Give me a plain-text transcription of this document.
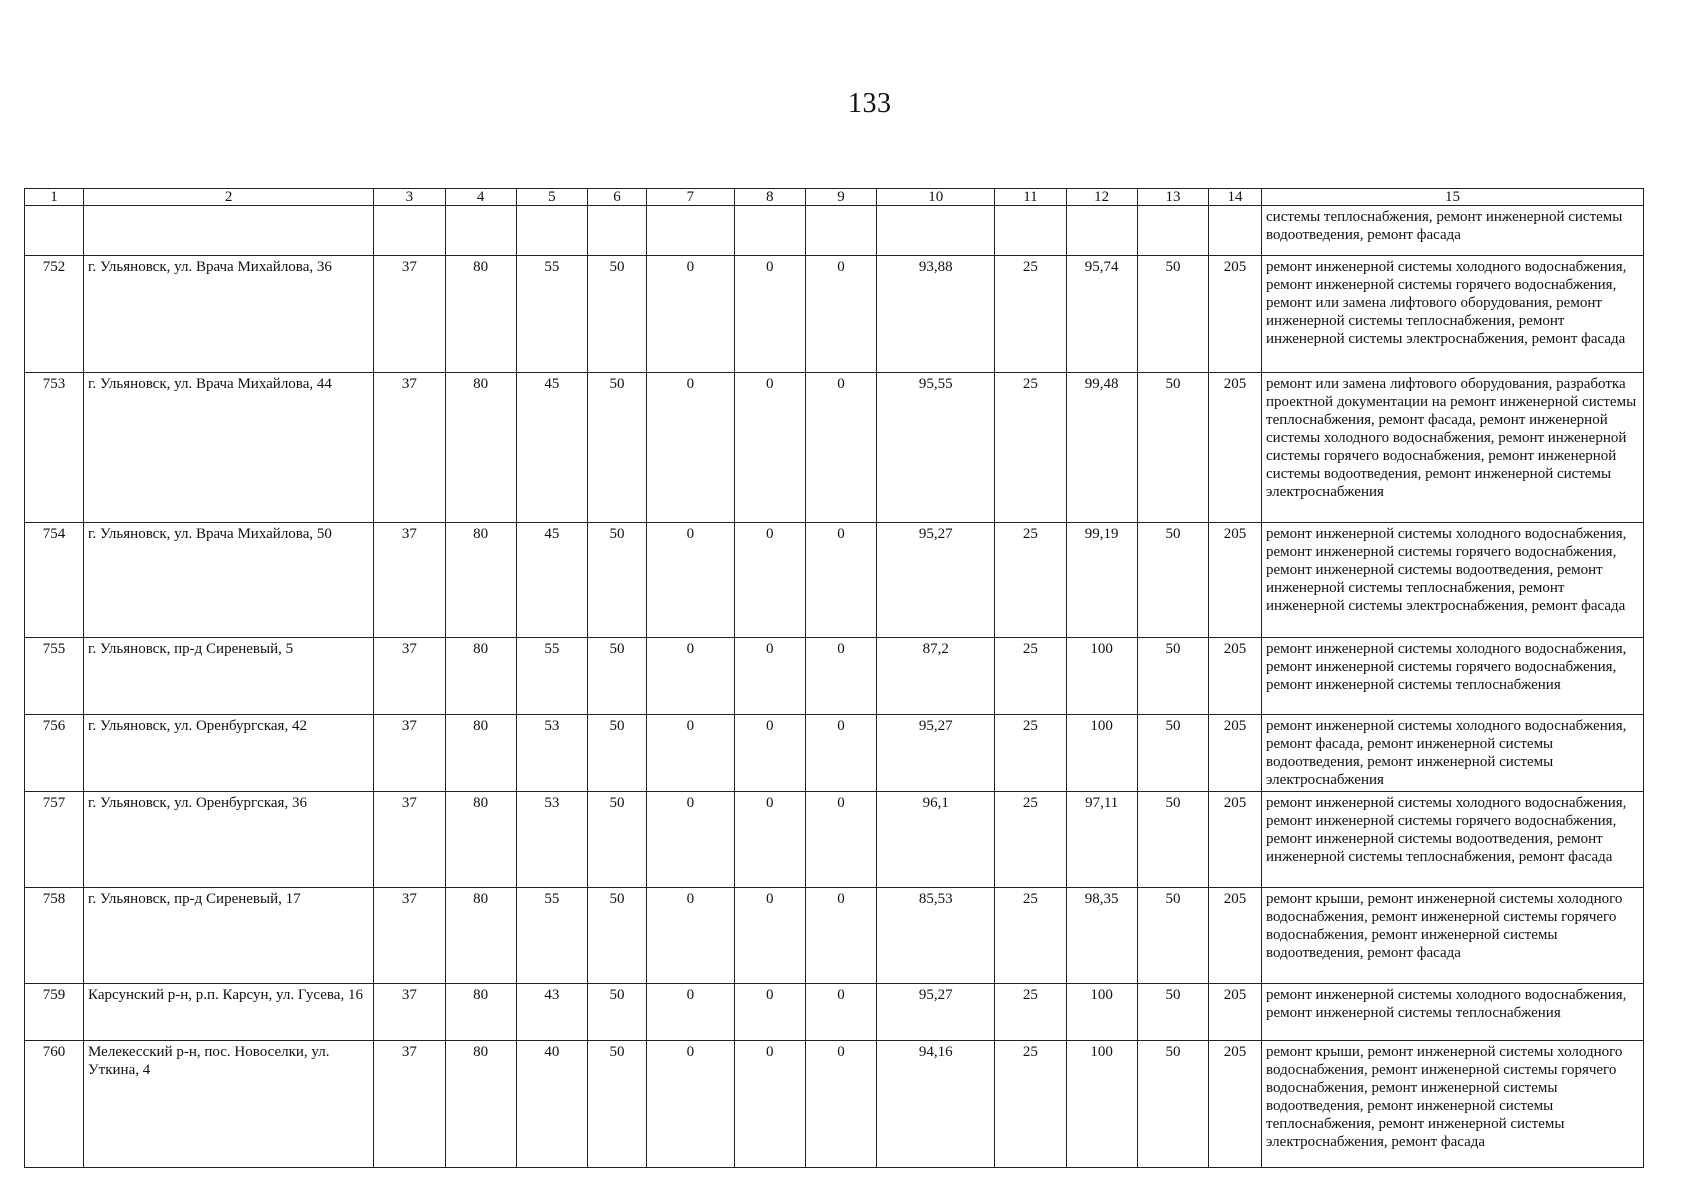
133
1	2	3	4	5	6	7	8	9	10	11	12	13	14	15
														системы теплоснабжения, ремонт инженерной системы водоотведения, ремонт фасада
752	г. Ульяновск, ул. Врача Михайлова, 36	37	80	55	50	0	0	0	93,88	25	95,74	50	205	ремонт инженерной системы холодного водоснабжения, ремонт инженерной системы горячего водоснабжения, ремонт или замена лифтового оборудования, ремонт инженерной системы теплоснабжения, ремонт инженерной системы электроснабжения, ремонт фасада
753	г. Ульяновск, ул. Врача Михайлова, 44	37	80	45	50	0	0	0	95,55	25	99,48	50	205	ремонт или замена лифтового оборудования, разработка проектной документации на ремонт инженерной системы теплоснабжения, ремонт фасада, ремонт инженерной системы холодного водоснабжения, ремонт инженерной системы горячего водоснабжения, ремонт инженерной системы водоотведения, ремонт инженерной системы электроснабжения
754	г. Ульяновск, ул. Врача Михайлова, 50	37	80	45	50	0	0	0	95,27	25	99,19	50	205	ремонт инженерной системы холодного водоснабжения, ремонт инженерной системы горячего водоснабжения, ремонт инженерной системы водоотведения, ремонт инженерной системы теплоснабжения, ремонт инженерной системы электроснабжения, ремонт фасада
755	г. Ульяновск, пр-д Сиреневый, 5	37	80	55	50	0	0	0	87,2	25	100	50	205	ремонт инженерной системы холодного водоснабжения, ремонт инженерной системы горячего водоснабжения, ремонт инженерной системы теплоснабжения
756	г. Ульяновск, ул. Оренбургская, 42	37	80	53	50	0	0	0	95,27	25	100	50	205	ремонт инженерной системы холодного водоснабжения, ремонт фасада, ремонт инженерной системы водоотведения, ремонт инженерной системы электроснабжения
757	г. Ульяновск, ул. Оренбургская, 36	37	80	53	50	0	0	0	96,1	25	97,11	50	205	ремонт инженерной системы холодного водоснабжения, ремонт инженерной системы горячего водоснабжения, ремонт инженерной системы водоотведения, ремонт инженерной системы теплоснабжения, ремонт фасада
758	г. Ульяновск, пр-д Сиреневый, 17	37	80	55	50	0	0	0	85,53	25	98,35	50	205	ремонт крыши, ремонт инженерной системы холодного водоснабжения, ремонт инженерной системы горячего водоснабжения, ремонт инженерной системы водоотведения, ремонт фасада
759	Карсунский р-н, р.п. Карсун, ул. Гусева, 16	37	80	43	50	0	0	0	95,27	25	100	50	205	ремонт инженерной системы холодного водоснабжения, ремонт инженерной системы теплоснабжения
760	Мелекесский р-н, пос. Новоселки, ул. Уткина, 4	37	80	40	50	0	0	0	94,16	25	100	50	205	ремонт крыши, ремонт инженерной системы холодного водоснабжения, ремонт инженерной системы горячего водоснабжения, ремонт инженерной системы водоотведения, ремонт инженерной системы теплоснабжения, ремонт инженерной системы электроснабжения, ремонт фасада
